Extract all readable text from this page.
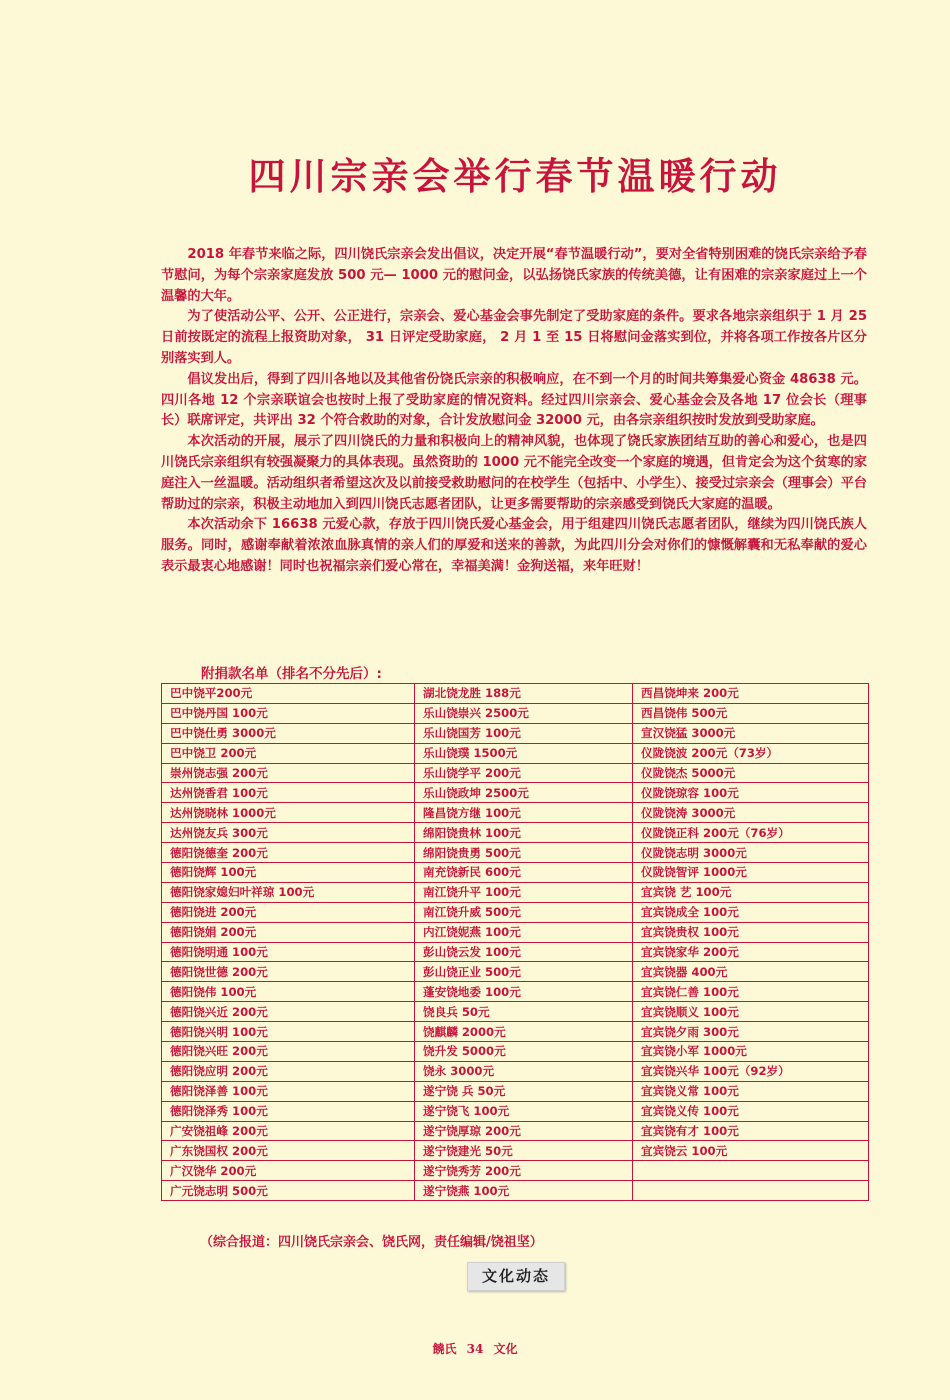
四川宗亲会举行春节温暖行动

2018 年春节来临之际，四川饶氏宗亲会发出倡议，决定开展“春节温暖行动”，要对全省特别困难的饶氏宗亲给予春节慰问，为每个宗亲家庭发放 500 元— 1000 元的慰问金，以弘扬饶氏家族的传统美德，让有困难的宗亲家庭过上一个温馨的大年。

为了使活动公平、公开、公正进行，宗亲会、爱心基金会事先制定了受助家庭的条件。要求各地宗亲组织于 1 月 25 日前按既定的流程上报资助对象， 31 日评定受助家庭， 2 月 1 至 15 日将慰问金落实到位，并将各项工作按各片区分别落实到人。

倡议发出后，得到了四川各地以及其他省份饶氏宗亲的积极响应，在不到一个月的时间共筹集爱心资金 48638 元。四川各地 12 个宗亲联谊会也按时上报了受助家庭的情况资料。经过四川宗亲会、爱心基金会及各地 17 位会长（理事长）联席评定，共评出 32 个符合救助的对象，合计发放慰问金 32000 元，由各宗亲组织按时发放到受助家庭。

本次活动的开展，展示了四川饶氏的力量和积极向上的精神风貌，也体现了饶氏家族团结互助的善心和爱心，也是四川饶氏宗亲组织有较强凝聚力的具体表现。虽然资助的 1000 元不能完全改变一个家庭的境遇，但肯定会为这个贫寒的家庭注入一丝温暖。活动组织者希望这次及以前接受救助慰问的在校学生（包括中、小学生）、接受过宗亲会（理事会）平台帮助过的宗亲，积极主动地加入到四川饶氏志愿者团队，让更多需要帮助的宗亲感受到饶氏大家庭的温暖。

本次活动余下 16638 元爱心款，存放于四川饶氏爱心基金会，用于组建四川饶氏志愿者团队，继续为四川饶氏族人服务。同时，感谢奉献着浓浓血脉真情的亲人们的厚爱和送来的善款，为此四川分会对你们的慷慨解囊和无私奉献的爱心表示最衷心地感谢！同时也祝福宗亲们爱心常在，幸福美满！金狗送福，来年旺财！

附捐款名单（排名不分先后）:
巴中饶平200元	湖北饶龙胜 188元	西昌饶坤来 200元
巴中饶丹国 100元	乐山饶崇兴 2500元	西昌饶伟 500元
巴中饶仕勇 3000元	乐山饶国芳 100元	宣汉饶猛 3000元
巴中饶卫 200元	乐山饶璞 1500元	仪陇饶波 200元（73岁）
崇州饶志强 200元	乐山饶学平 200元	仪陇饶杰 5000元
达州饶香君 100元	乐山饶政坤 2500元	仪陇饶琼容 100元
达州饶晓林 1000元	隆昌饶方继 100元	仪陇饶涛 3000元
达州饶友兵 300元	绵阳饶贵林 100元	仪陇饶正科 200元（76岁）
德阳饶德奎 200元	绵阳饶贵勇 500元	仪陇饶志明 3000元
德阳饶辉 100元	南充饶新民 600元	仪陇饶智评 1000元
德阳饶家媳妇叶祥琼 100元	南江饶升平 100元	宜宾饶 艺 100元
德阳饶进 200元	南江饶升威 500元	宜宾饶成全 100元
德阳饶娟 200元	内江饶妮燕 100元	宜宾饶贵权 100元
德阳饶明通 100元	彭山饶云发 100元	宜宾饶家华 200元
德阳饶世德 200元	彭山饶正业 500元	宜宾饶器 400元
德阳饶伟 100元	蓬安饶地委 100元	宜宾饶仁善 100元
德阳饶兴近 200元	饶良兵 50元	宜宾饶顺义 100元
德阳饶兴明 100元	饶麒麟 2000元	宜宾饶夕雨 300元
德阳饶兴旺 200元	饶升发 5000元	宜宾饶小军 1000元
德阳饶应明 200元	饶永 3000元	宜宾饶兴华 100元（92岁）
德阳饶泽善 100元	遂宁饶 兵 50元	宜宾饶义常 100元
德阳饶泽秀 100元	遂宁饶飞 100元	宜宾饶义传 100元
广安饶祖峰 200元	遂宁饶厚琼 200元	宜宾饶有才 100元
广东饶国权 200元	遂宁饶建光 50元	宜宾饶云 100元
广汉饶华 200元	遂宁饶秀芳 200元	
广元饶志明 500元	遂宁饶燕 100元	
（综合报道：四川饶氏宗亲会、饶氏网，责任编辑/饶祖坚）
文化动态
饒氏 34 文化
